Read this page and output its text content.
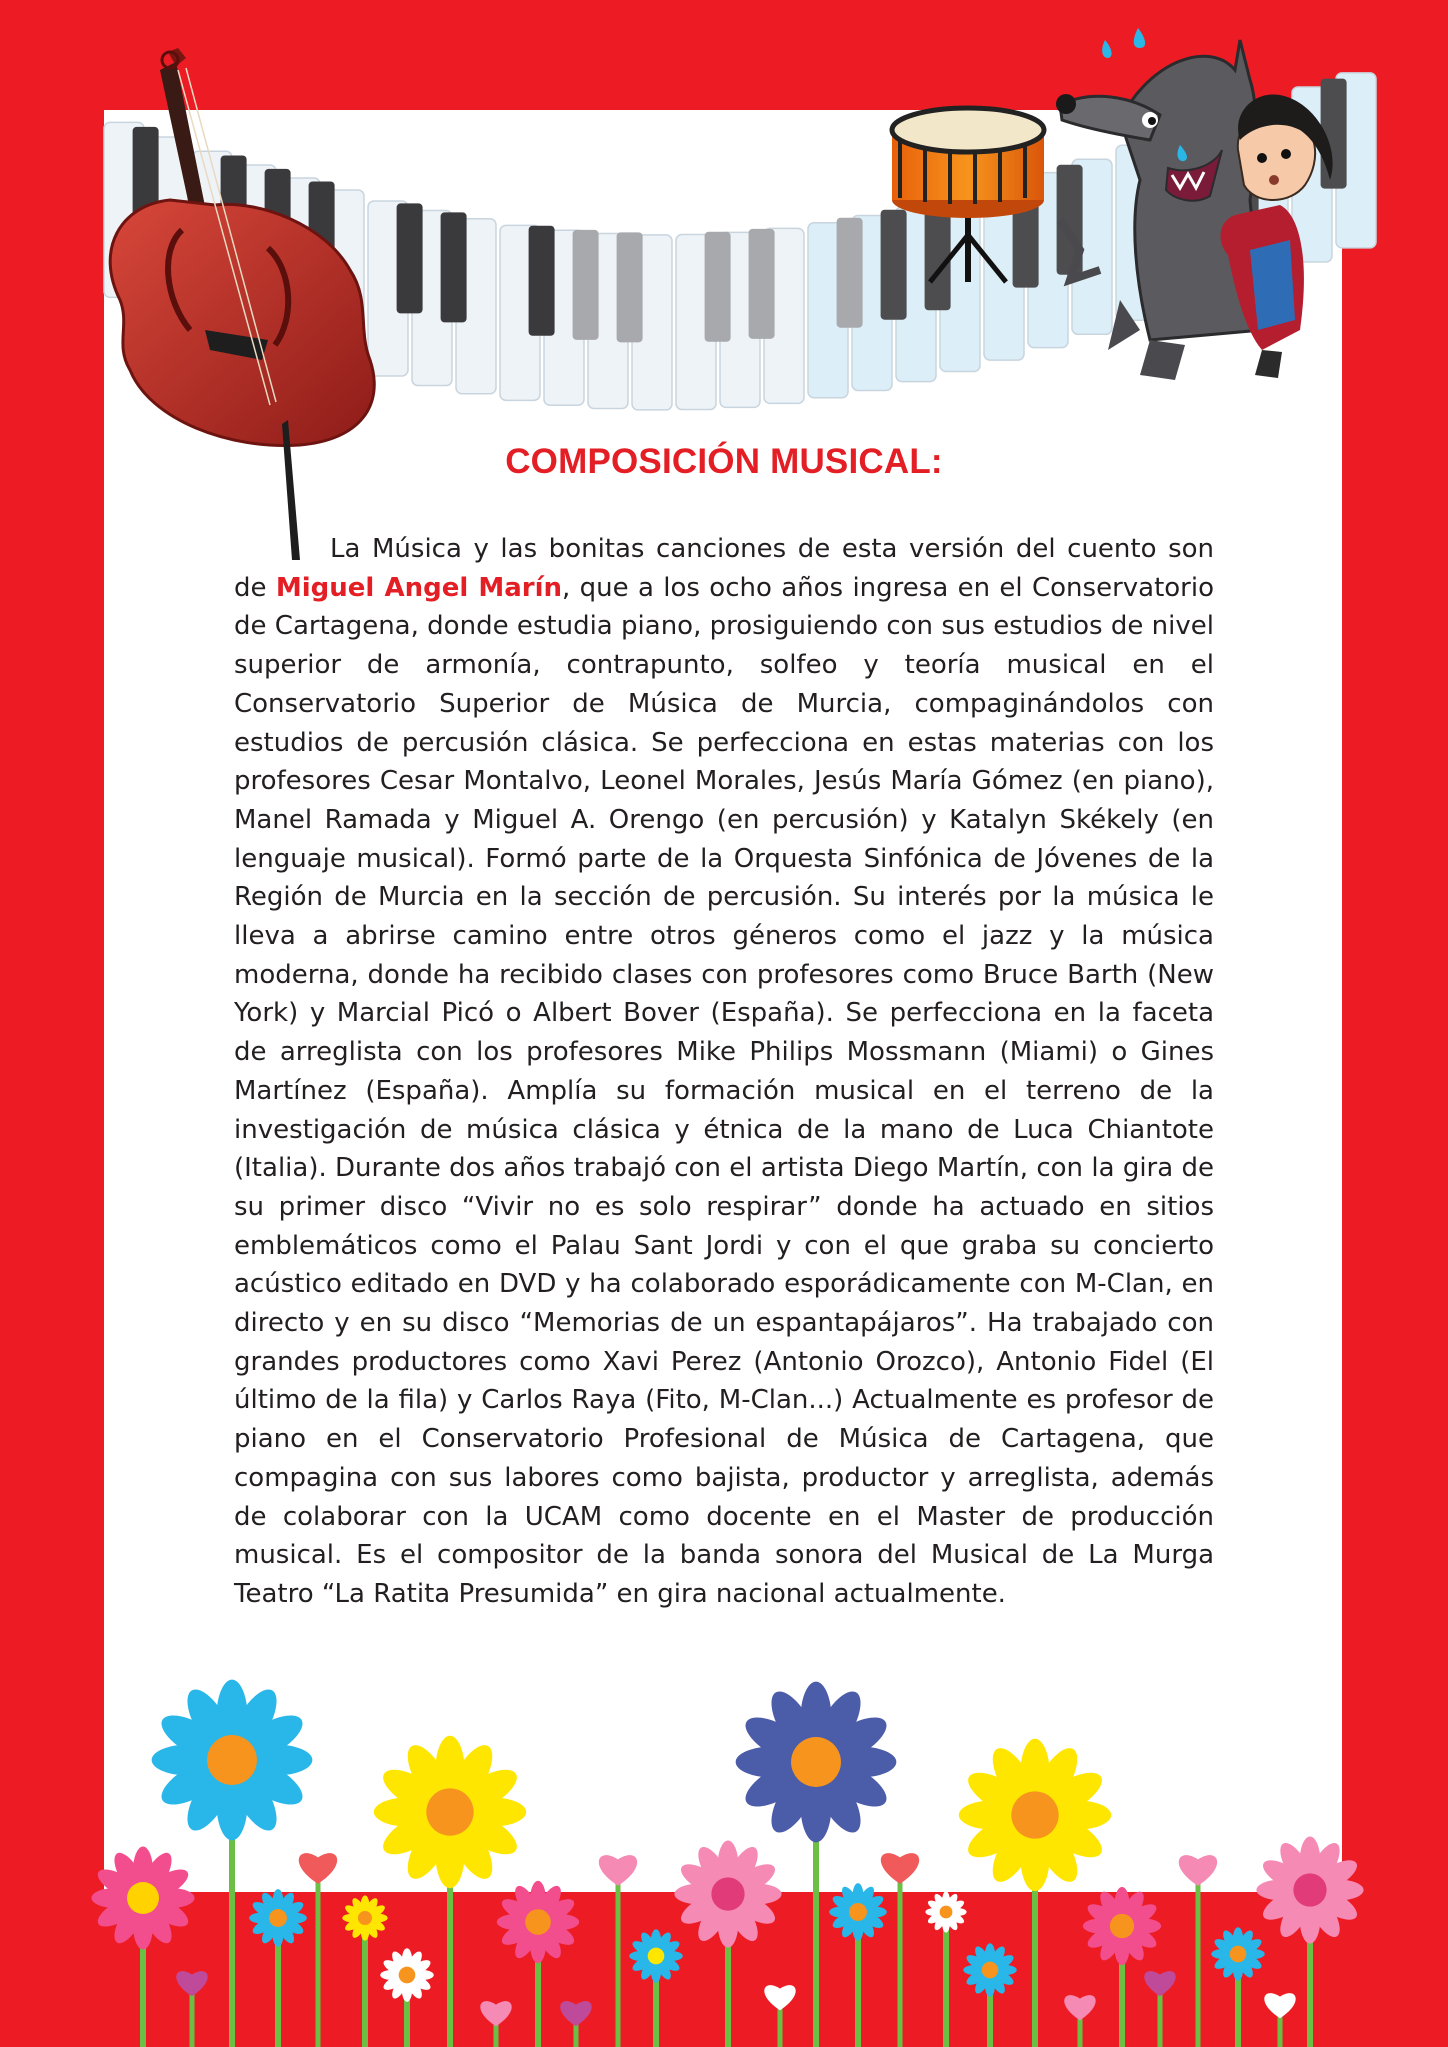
COMPOSICIÓN MUSICAL:

La Música y las bonitas canciones de esta versión del cuento son de Miguel Angel Marín, que a los ocho años ingresa en el Conservatorio de Cartagena, donde estudia piano, prosiguiendo con sus estudios de nivel superior de armonía, contrapunto, solfeo y teoría musical en el Conservatorio Superior de Música de Murcia, compaginándolos con estudios de percusión clásica. Se perfecciona en estas materias con los profesores Cesar Montalvo, Leonel Morales, Jesús María Gómez (en piano), Manel Ramada y Miguel A. Orengo (en percusión) y Katalyn Skékely (en lenguaje musical). Formó parte de la Orquesta Sinfónica de Jóvenes de la Región de Murcia en la sección de percusión. Su interés por la música le lleva a abrirse camino entre otros géneros como el jazz y la música moderna, donde ha recibido clases con profesores como Bruce Barth (New York) y Marcial Picó o Albert Bover (España). Se perfecciona en la faceta de arreglista con los profesores Mike Philips Mossmann (Miami) o Gines Martínez (España). Amplía su formación musical en el terreno de la investigación de música clásica y étnica de la mano de Luca Chiantote (Italia). Durante dos años trabajó con el artista Diego Martín, con la gira de su primer disco “Vivir no es solo respirar” donde ha actuado en sitios emblemáticos como el Palau Sant Jordi y con el que graba su concierto acústico editado en DVD y ha colaborado esporádicamente con M-Clan, en directo y en su disco “Memorias de un espantapájaros”. Ha trabajado con grandes productores como Xavi Perez (Antonio Orozco), Antonio Fidel (El último de la fila) y Carlos Raya (Fito, M-Clan...) Actualmente es profesor de piano en el Conservatorio Profesional de Música de Cartagena, que compagina con sus labores como bajista, productor y arreglista, además de colaborar con la UCAM como docente en el Master de producción musical. Es el compositor de la banda sonora del Musical de La Murga Teatro “La Ratita Presumida” en gira nacional actualmente.
